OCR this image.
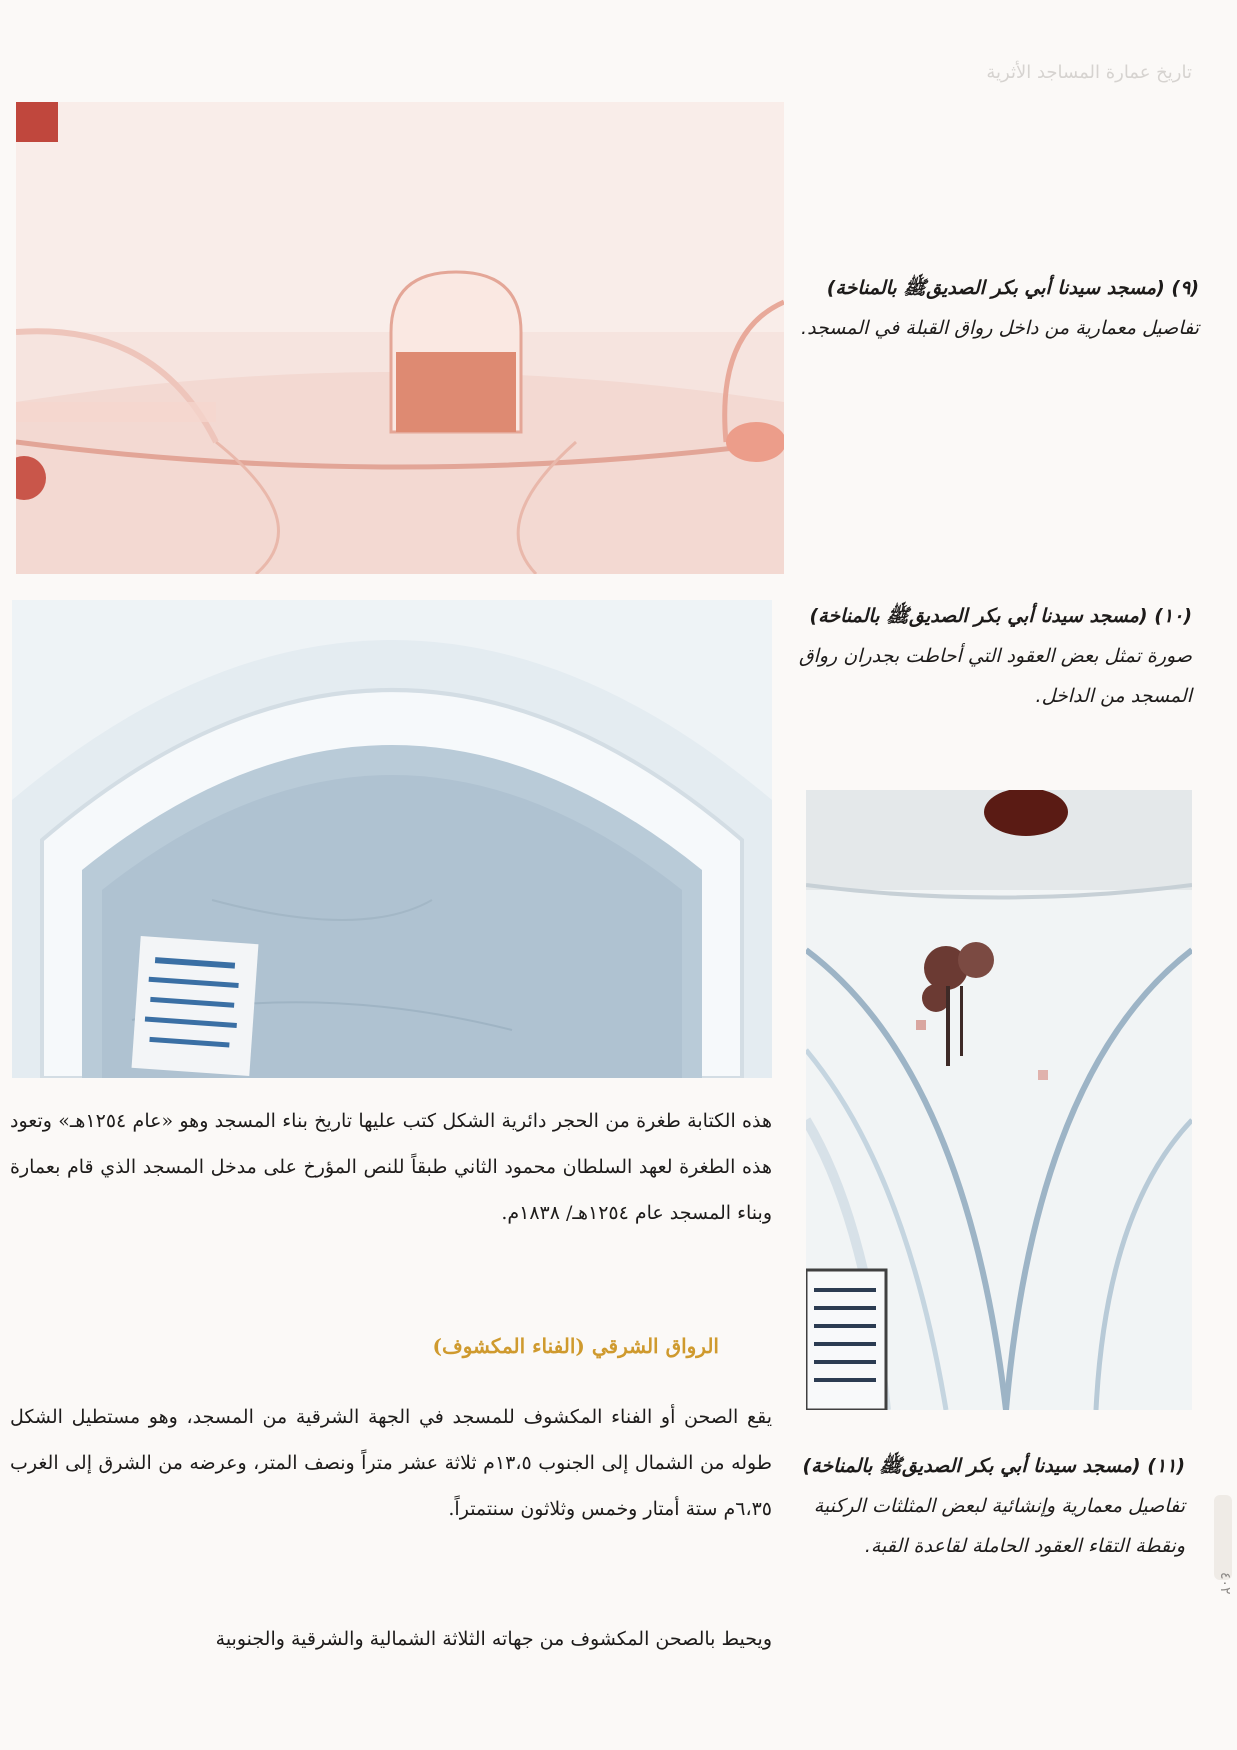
تاريخ عمارة المساجد الأثرية
(٩) (مسجد سيدنا أبي بكر الصديقﷺ بالمناخة)
تفاصيل معمارية من داخل رواق القبلة في المسجد.
(١٠) (مسجد سيدنا أبي بكر الصديقﷺ بالمناخة)
صورة تمثل بعض العقود التي أحاطت بجدران رواق المسجد من الداخل.
(١١) (مسجد سيدنا أبي بكر الصديقﷺ بالمناخة)
تفاصيل معمارية وإنشائية لبعض المثلثات الركنية ونقطة التقاء العقود الحاملة لقاعدة القبة.
هذه الكتابة طغرة من الحجر دائرية الشكل كتب عليها تاريخ بناء المسجد وهو «عام ١٢٥٤هـ» وتعود هذه الطغرة لعهد السلطان محمود الثاني طبقاً للنص المؤرخ على مدخل المسجد الذي قام بعمارة وبناء المسجد عام ١٢٥٤هـ/ ١٨٣٨م.
الرواق الشرقي (الفناء المكشوف)
يقع الصحن أو الفناء المكشوف للمسجد في الجهة الشرقية من المسجد، وهو مستطيل الشكل طوله من الشمال إلى الجنوب ١٣،٥م ثلاثة عشر متراً ونصف المتر، وعرضه من الشرق إلى الغرب ٦،٣٥م ستة أمتار وخمس وثلاثون سنتمتراً.
ويحيط بالصحن المكشوف من جهاته الثلاثة الشمالية والشرقية والجنوبية
٤٠٢
